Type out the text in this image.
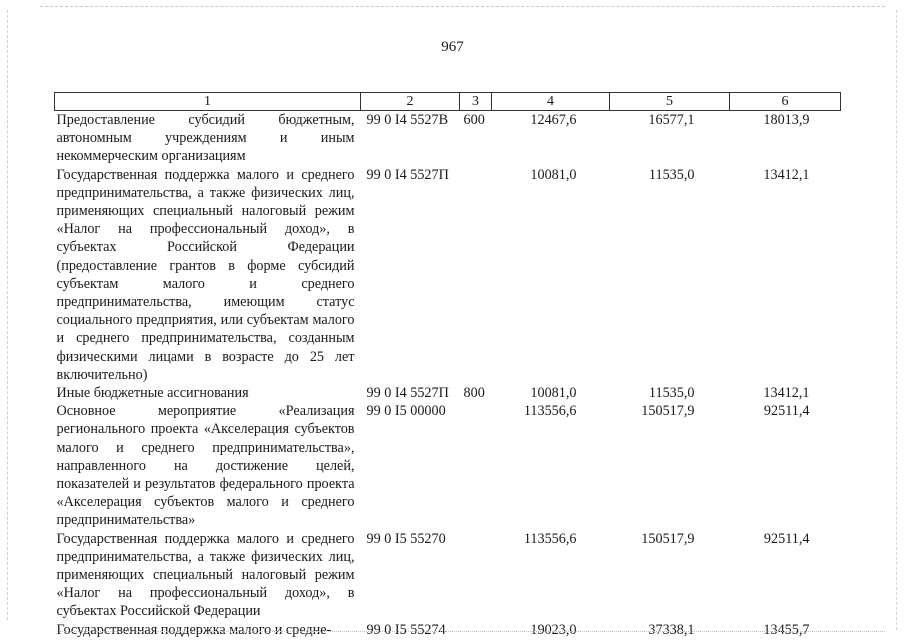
967
1	2	3	4	5	6
Предоставление субсидий бюджетным, автономным учреждениям и иным некоммерческим организациям	99 0 I4 5527В	600	12467,6	16577,1	18013,9
Государственная поддержка малого и среднего предпринимательства, а также физических лиц, применяющих специальный налоговый режим «Налог на профессиональный доход», в субъектах Российской Федерации (предоставление грантов в форме субсидий субъектам малого и среднего предпринимательства, имеющим статус социального предприятия, или субъектам малого и среднего предпринимательства, созданным физическими лицами в возрасте до 25 лет включительно)	99 0 I4 5527П		10081,0	11535,0	13412,1
Иные бюджетные ассигнования	99 0 I4 5527П	800	10081,0	11535,0	13412,1
Основное мероприятие «Реализация регионального проекта «Акселерация субъектов малого и среднего предпринимательства», направленного на достижение целей, показателей и результатов федерального проекта «Акселерация субъектов малого и среднего предпринимательства»	99 0 I5 00000		113556,6	150517,9	92511,4
Государственная поддержка малого и среднего предпринимательства, а также физических лиц, применяющих специальный налоговый режим «Налог на профессиональный доход», в субъектах Российской Федерации	99 0 I5 55270		113556,6	150517,9	92511,4
Государственная поддержка малого и средне-	99 0 I5 55274		19023,0	37338,1	13455,7
